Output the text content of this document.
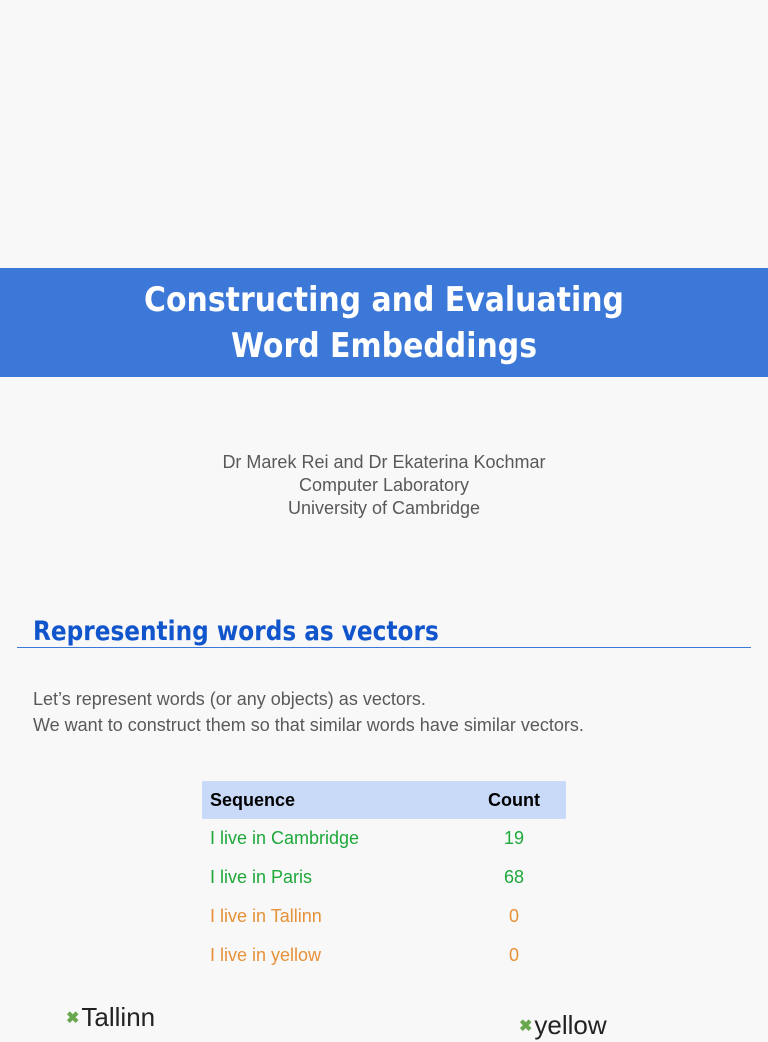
Constructing and Evaluating
Word Embeddings
Dr Marek Rei and Dr Ekaterina Kochmar
Computer Laboratory
University of Cambridge
Representing words as vectors
Let’s represent words (or any objects) as vectors.
We want to construct them so that similar words have similar vectors.
Sequence	Count
I live in Cambridge	19
I live in Paris	68
I live in Tallinn	0
I live in yellow	0
✖Tallinn	✖yellow
